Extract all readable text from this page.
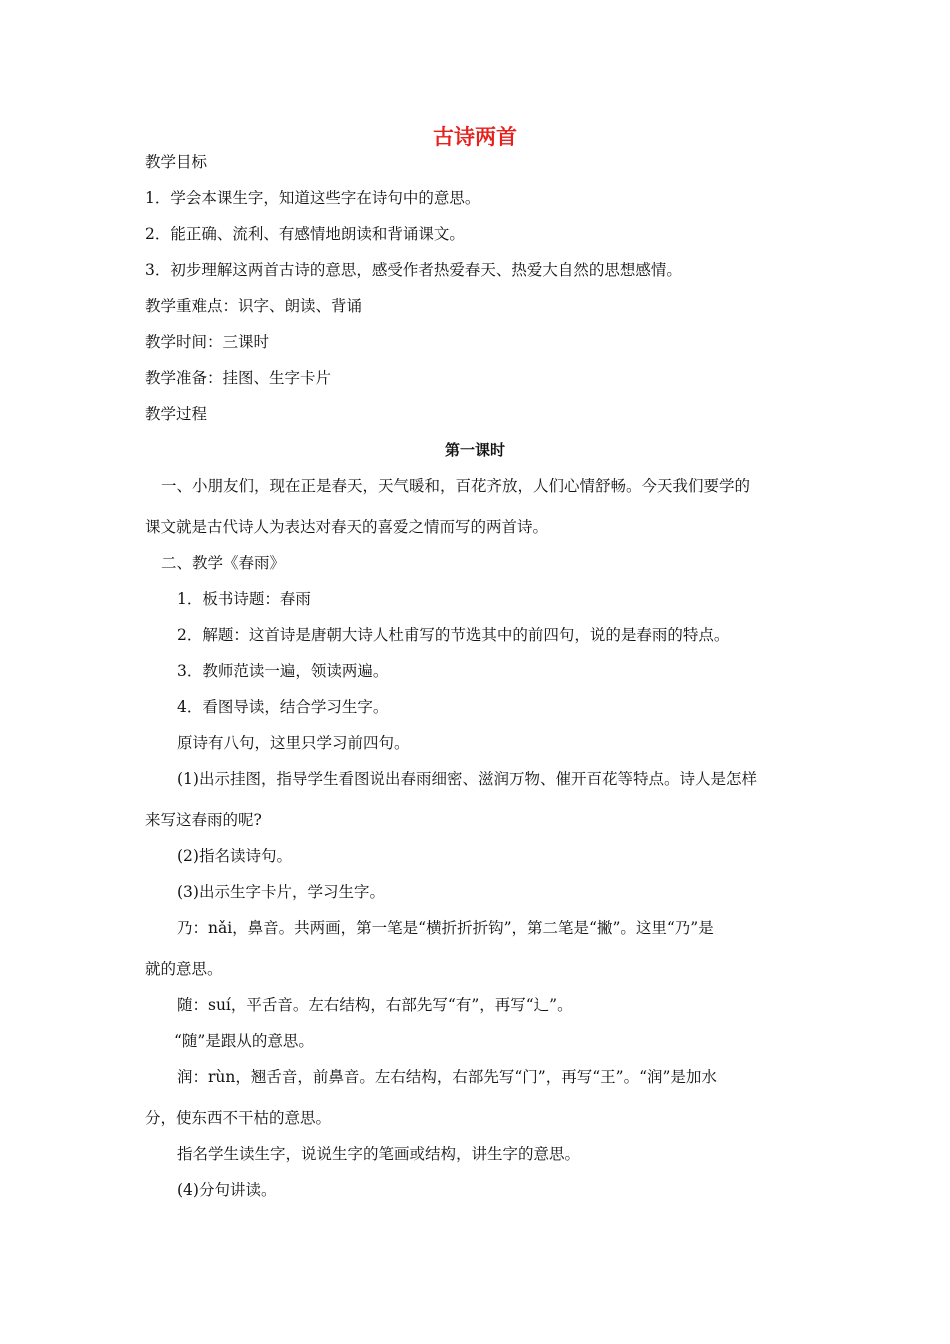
古诗两首
教学目标
1．学会本课生字，知道这些字在诗句中的意思。
2．能正确、流利、有感情地朗读和背诵课文。
3．初步理解这两首古诗的意思，感受作者热爱春天、热爱大自然的思想感情。
教学重难点：识字、朗读、背诵
教学时间：三课时
教学准备：挂图、生字卡片
教学过程
第一课时
一、小朋友们，现在正是春天，天气暖和，百花齐放，人们心情舒畅。今天我们要学的
课文就是古代诗人为表达对春天的喜爱之情而写的两首诗。
二、教学《春雨》
1．板书诗题：春雨
2．解题：这首诗是唐朝大诗人杜甫写的节选其中的前四句，说的是春雨的特点。
3．教师范读一遍，领读两遍。
4．看图导读，结合学习生字。
原诗有八句，这里只学习前四句。
(1)出示挂图，指导学生看图说出春雨细密、滋润万物、催开百花等特点。诗人是怎样
来写这春雨的呢?
(2)指名读诗句。
(3)出示生字卡片，学习生字。
乃：nǎi，鼻音。共两画，第一笔是“横折折折钩”，第二笔是“撇”。这里“乃”是
就的意思。
随：suí，平舌音。左右结构，右部先写“有”，再写“辶”。
“随”是跟从的意思。
润：rùn，翘舌音，前鼻音。左右结构，右部先写“门”，再写“王”。“润”是加水
分，使东西不干枯的意思。
指名学生读生字，说说生字的笔画或结构，讲生字的意思。
(4)分句讲读。
